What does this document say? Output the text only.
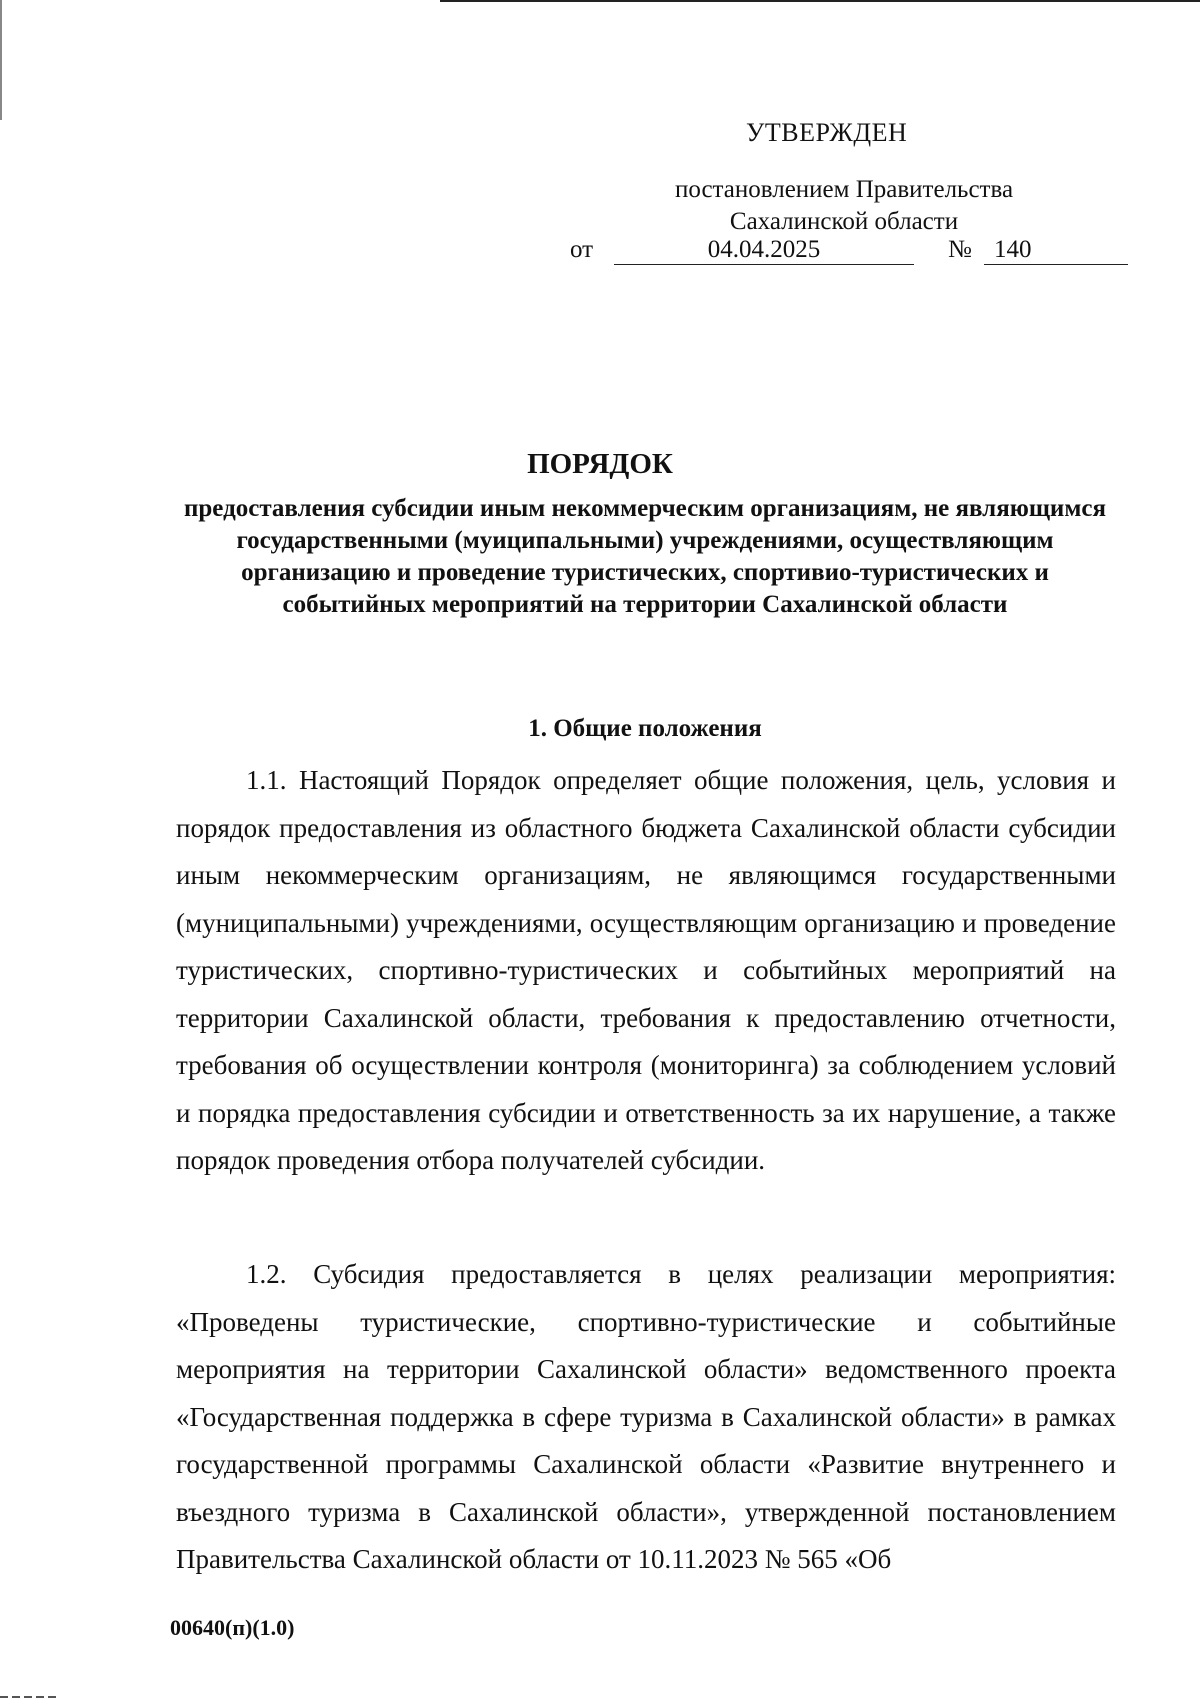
УТВЕРЖДЕН
постановлением Правительства Сахалинской области
от	04.04.2025	№ 140
ПОРЯДОК
предоставления субсидии иным некоммерческим организациям, не являющимся государственными (муиципальными) учреждениями, осуществляющим организацию и проведение туристических, спортивио-туристических и событийных мероприятий на территории Сахалинской области
1. Общие положения

1.1. Настоящий Порядок определяет общие положения, цель, условия и порядок предоставления из областного бюджета Сахалинской области субсидии иным некоммерческим организациям, не являющимся государственными (муниципальными) учреждениями, осуществляющим организацию и проведение туристических, спортивно-туристических и событийных мероприятий на территории Сахалинской области, требования к предоставлению отчетности, требования об осуществлении контроля (мониторинга) за соблюдением условий и порядка предоставления субсидии и ответственность за их нарушение, а также порядок проведения отбора получателей субсидии.

1.2. Субсидия предоставляется в целях реализации мероприятия: «Проведены туристические, спортивно-туристические и событийные мероприятия на территории Сахалинской области» ведомственного проекта «Государственная поддержка в сфере туризма в Сахалинской области» в рамках государственной программы Сахалинской области «Развитие внутреннего и въездного туризма в Сахалинской области», утвержденной постановлением Правительства Сахалинской области от 10.11.2023 № 565 «Об

00640(п)(1.0)
